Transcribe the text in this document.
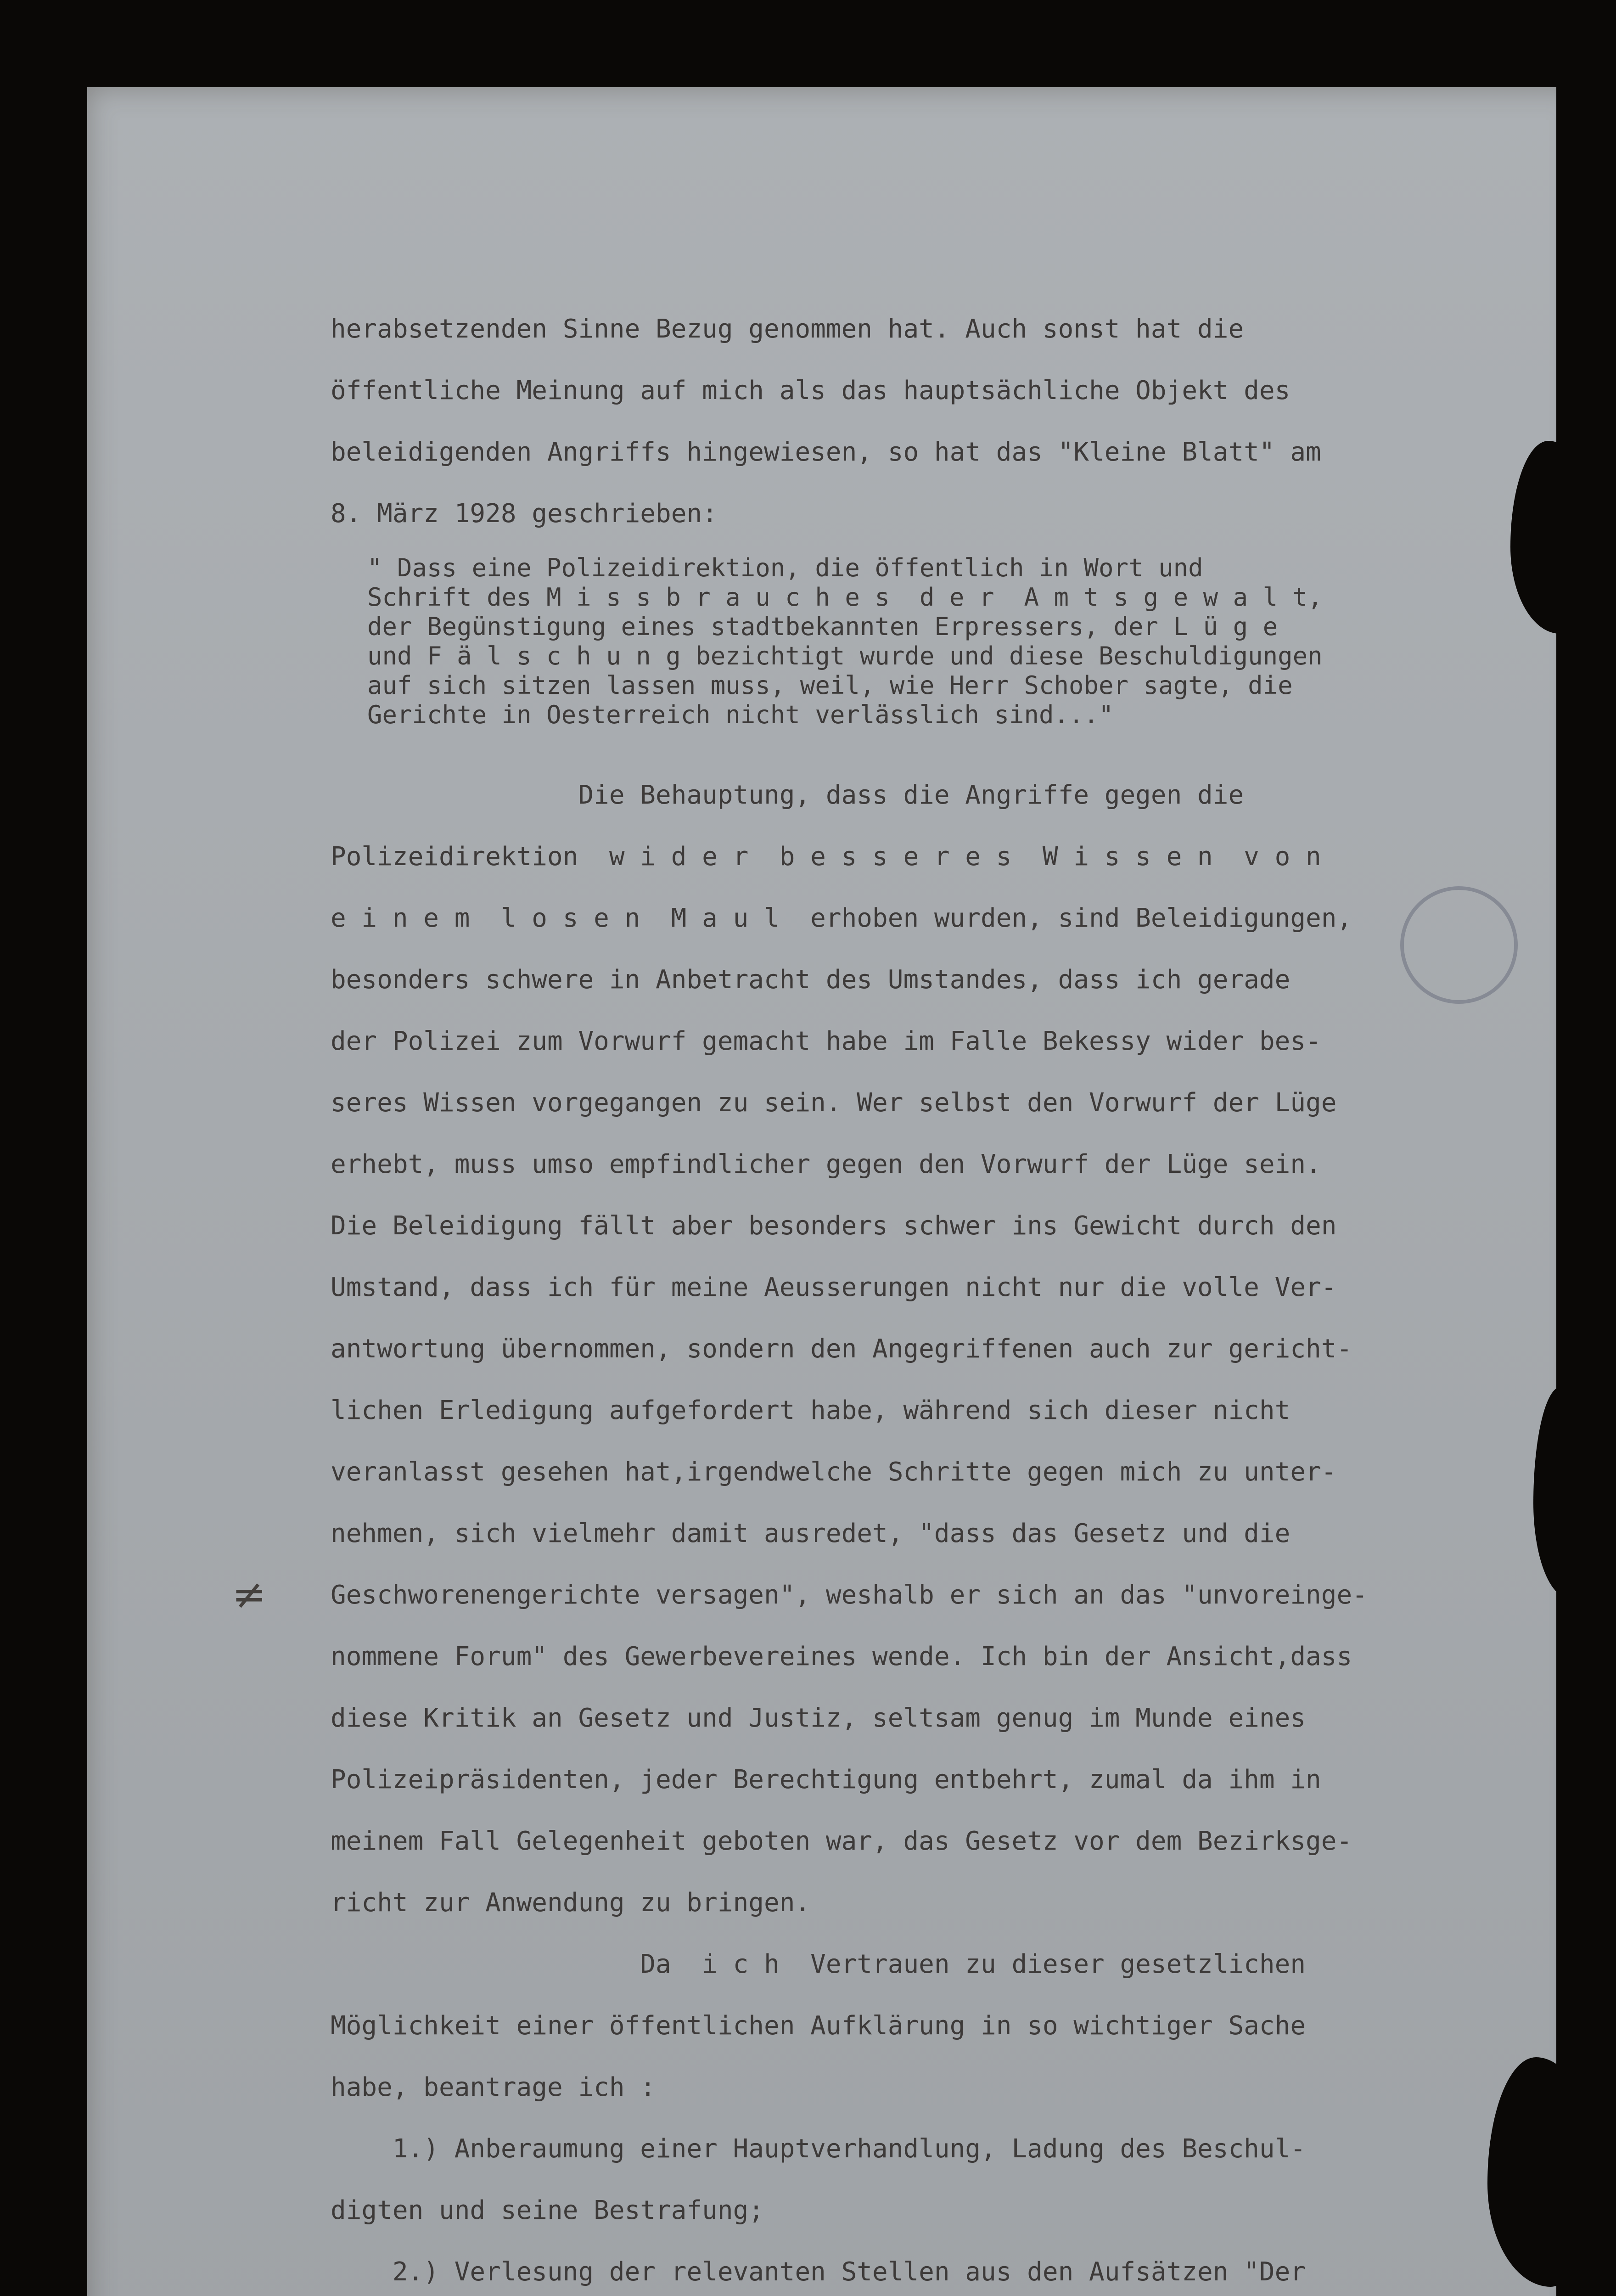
herabsetzenden Sinne Bezug genommen hat. Auch sonst hat die

öffentliche Meinung auf mich als das hauptsächliche Objekt des

beleidigenden Angriffs hingewiesen, so hat das "Kleine Blatt" am

8. März 1928 geschrieben:

" Dass eine Polizeidirektion, die öffentlich in Wort und

Schrift des M i s s b r a u c h e s  d e r  A m t s g e w a l t,

der Begünstigung eines stadtbekannten Erpressers, der L ü g e

und F ä l s c h u n g bezichtigt wurde und diese Beschuldigungen

auf sich sitzen lassen muss, weil, wie Herr Schober sagte, die

Gerichte in Oesterreich nicht verlässlich sind..."

Die Behauptung, dass die Angriffe gegen die

Polizeidirektion  w i d e r  b e s s e r e s  W i s s e n  v o n

e i n e m  l o s e n  M a u l  erhoben wurden, sind Beleidigungen,

besonders schwere in Anbetracht des Umstandes, dass ich gerade

der Polizei zum Vorwurf gemacht habe im Falle Bekessy wider bes-

seres Wissen vorgegangen zu sein. Wer selbst den Vorwurf der Lüge

erhebt, muss umso empfindlicher gegen den Vorwurf der Lüge sein.

Die Beleidigung fällt aber besonders schwer ins Gewicht durch den

Umstand, dass ich für meine Aeusserungen nicht nur die volle Ver-

antwortung übernommen, sondern den Angegriffenen auch zur gericht-

lichen Erledigung aufgefordert habe, während sich dieser nicht

veranlasst gesehen hat,irgendwelche Schritte gegen mich zu unter-

nehmen, sich vielmehr damit ausredet, "dass das Gesetz und die

Geschworenengerichte versagen", weshalb er sich an das "unvoreinge-

nommene Forum" des Gewerbevereines wende. Ich bin der Ansicht,dass

diese Kritik an Gesetz und Justiz, seltsam genug im Munde eines

Polizeipräsidenten, jeder Berechtigung entbehrt, zumal da ihm in

meinem Fall Gelegenheit geboten war, das Gesetz vor dem Bezirksge-

richt zur Anwendung zu bringen.

Da  i c h  Vertrauen zu dieser gesetzlichen

Möglichkeit einer öffentlichen Aufklärung in so wichtiger Sache

habe, beantrage ich :

1.) Anberaumung einer Hauptverhandlung, Ladung des Beschul-

digten und seine Bestrafung;

2.) Verlesung der relevanten Stellen aus den Aufsätzen "Der

≠
